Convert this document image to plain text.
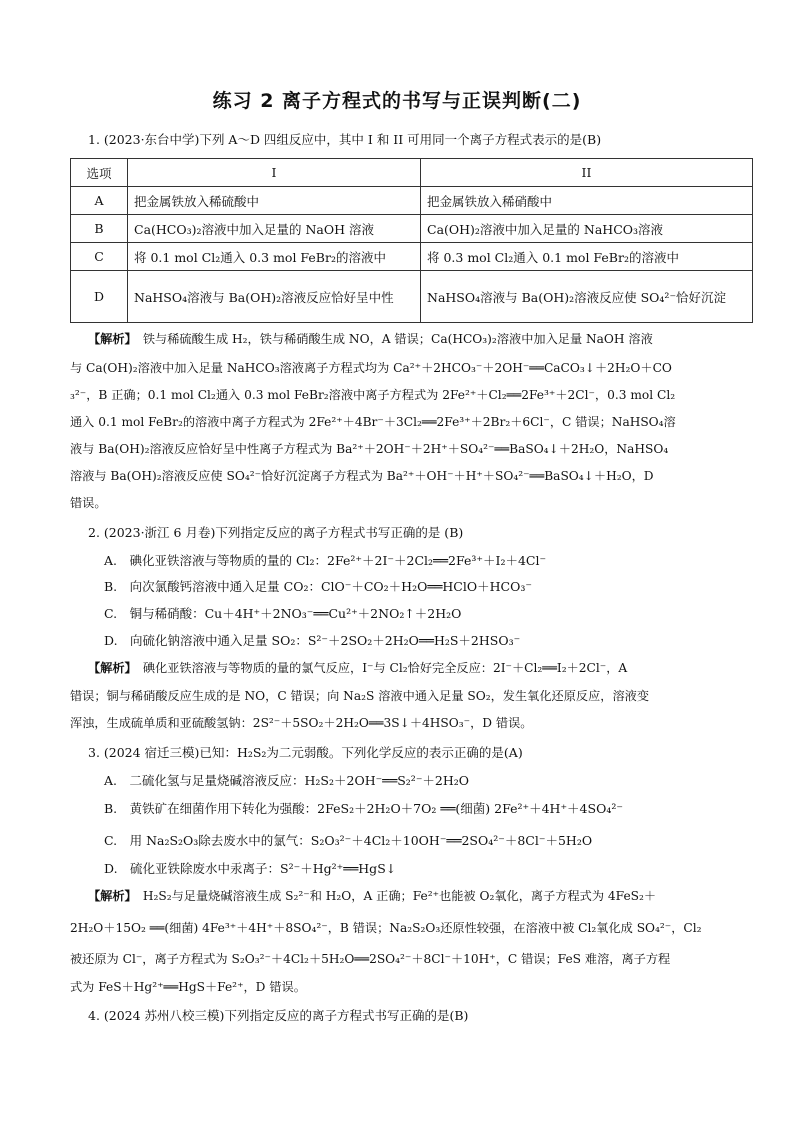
练习 2 离子方程式的书写与正误判断(二)
1. (2023·东台中学)下列 A～D 四组反应中，其中 I 和 II 可用同一个离子方程式表示的是(B)
选项	I	II
A	把金属铁放入稀硫酸中	把金属铁放入稀硝酸中
B	Ca(HCO₃)₂溶液中加入足量的 NaOH 溶液	Ca(OH)₂溶液中加入足量的 NaHCO₃溶液
C	将 0.1 mol Cl₂通入 0.3 mol FeBr₂的溶液中	将 0.3 mol Cl₂通入 0.1 mol FeBr₂的溶液中
D	NaHSO₄溶液与 Ba(OH)₂溶液反应恰好呈中性	NaHSO₄溶液与 Ba(OH)₂溶液反应使 SO₄²⁻恰好沉淀
【解析】　 铁与稀硫酸生成 H₂，铁与稀硝酸生成 NO，A 错误；Ca(HCO₃)₂溶液中加入足量 NaOH 溶液
与 Ca(OH)₂溶液中加入足量 NaHCO₃溶液离子方程式均为 Ca²⁺＋2HCO₃⁻＋2OH⁻══CaCO₃↓＋2H₂O＋CO
₃²⁻，B 正确；0.1 mol Cl₂通入 0.3 mol FeBr₂溶液中离子方程式为 2Fe²⁺＋Cl₂══2Fe³⁺＋2Cl⁻，0.3 mol Cl₂
通入 0.1 mol FeBr₂的溶液中离子方程式为 2Fe²⁺＋4Br⁻＋3Cl₂══2Fe³⁺＋2Br₂＋6Cl⁻，C 错误；NaHSO₄溶
液与 Ba(OH)₂溶液反应恰好呈中性离子方程式为 Ba²⁺＋2OH⁻＋2H⁺＋SO₄²⁻══BaSO₄↓＋2H₂O，NaHSO₄
溶液与 Ba(OH)₂溶液反应使 SO₄²⁻恰好沉淀离子方程式为 Ba²⁺＋OH⁻＋H⁺＋SO₄²⁻══BaSO₄↓＋H₂O，D
错误。
2. (2023·浙江 6 月卷)下列指定反应的离子方程式书写正确的是 (B)
A.　碘化亚铁溶液与等物质的量的 Cl₂：2Fe²⁺＋2I⁻＋2Cl₂══2Fe³⁺＋I₂＋4Cl⁻
B.　向次氯酸钙溶液中通入足量 CO₂：ClO⁻＋CO₂＋H₂O══HClO＋HCO₃⁻
C.　铜与稀硝酸：Cu＋4H⁺＋2NO₃⁻══Cu²⁺＋2NO₂↑＋2H₂O
D.　向硫化钠溶液中通入足量 SO₂：S²⁻＋2SO₂＋2H₂O══H₂S＋2HSO₃⁻
【解析】　 碘化亚铁溶液与等物质的量的氯气反应，I⁻与 Cl₂恰好完全反应：2I⁻＋Cl₂══I₂＋2Cl⁻，A
错误；铜与稀硝酸反应生成的是 NO，C 错误；向 Na₂S 溶液中通入足量 SO₂，发生氧化还原反应，溶液变
浑浊，生成硫单质和亚硫酸氢钠：2S²⁻＋5SO₂＋2H₂O══3S↓＋4HSO₃⁻，D 错误。
3. (2024 宿迁三模)已知：H₂S₂为二元弱酸。下列化学反应的表示正确的是(A)
A.　二硫化氢与足量烧碱溶液反应：H₂S₂＋2OH⁻══S₂²⁻＋2H₂O
B.　黄铁矿在细菌作用下转化为强酸：2FeS₂＋2H₂O＋7O₂ ══(细菌) 2Fe²⁺＋4H⁺＋4SO₄²⁻
C.　用 Na₂S₂O₃除去废水中的氯气：S₂O₃²⁻＋4Cl₂＋10OH⁻══2SO₄²⁻＋8Cl⁻＋5H₂O
D.　硫化亚铁除废水中汞离子：S²⁻＋Hg²⁺══HgS↓
【解析】　 H₂S₂与足量烧碱溶液生成 S₂²⁻和 H₂O，A 正确；Fe²⁺也能被 O₂氧化，离子方程式为 4FeS₂＋
2H₂O＋15O₂ ══(细菌) 4Fe³⁺＋4H⁺＋8SO₄²⁻，B 错误；Na₂S₂O₃还原性较强，在溶液中被 Cl₂氧化成 SO₄²⁻，Cl₂
被还原为 Cl⁻，离子方程式为 S₂O₃²⁻＋4Cl₂＋5H₂O══2SO₄²⁻＋8Cl⁻＋10H⁺，C 错误；FeS 难溶，离子方程
式为 FeS＋Hg²⁺══HgS＋Fe²⁺，D 错误。
4. (2024 苏州八校三模)下列指定反应的离子方程式书写正确的是(B)
